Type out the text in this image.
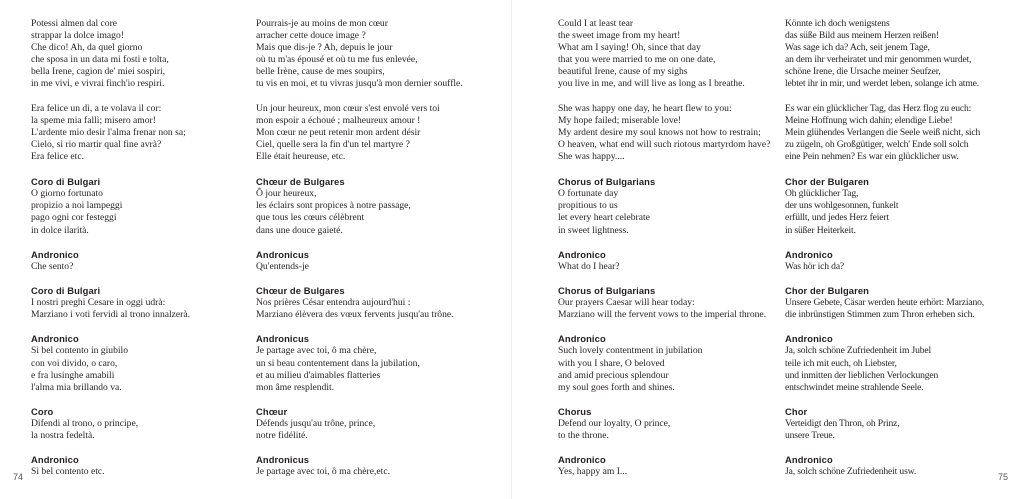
Potessi almen dal core
strappar la dolce imago!
Che dico! Ah, da quel giorno
che sposa in un data mi fosti e tolta,
bella Irene, cagion de' miei sospiri,
in me vivi, e vivrai finch'io respiri.
Era felice un dì, a te volava il cor:
la speme mia fallì; misero amor!
L'ardente mio desir l'alma frenar non sa;
Cielo, sì rio martir qual fine avrà?
Era felice etc.
Coro di Bulgari
O giorno fortunato
propizio a noi lampeggi
pago ogni cor festeggi
in dolce ilarità.
Andronico
Che sento?
Coro di Bulgari
I nostri preghi Cesare in oggi udrà:
Marziano i voti fervidi al trono innalzerà.
Andronico
Sì bel contento in giubilo
con voi divido, o caro,
e fra lusinghe amabili
l'alma mia brillando va.
Coro
Difendi al trono, o principe,
la nostra fedeltà.
Andronico
Sì bel contento etc.
Pourrais-je au moins de mon cœur
arracher cette douce image ?
Mais que dis-je ? Ah, depuis le jour
où tu m'as épousé et où tu me fus enlevée,
belle Irène, cause de mes soupirs,
tu vis en moi, et tu vivras jusqu'à mon dernier souffle.
Un jour heureux, mon cœur s'est envolé vers toi
mon espoir a échoué ; malheureux amour !
Mon cœur ne peut retenir mon ardent désir
Ciel, quelle sera la fin d'un tel martyre ?
Elle était heureuse, etc.
Chœur de Bulgares
Ô jour heureux,
les éclairs sont propices à notre passage,
que tous les cœurs célèbrent
dans une douce gaieté.
Andronicus
Qu'entends-je
Chœur de Bulgares
Nos prières César entendra aujourd'hui :
Marziano élèvera des vœux fervents jusqu'au trône.
Andronicus
Je partage avec toi, ô ma chère,
un si beau contentement dans la jubilation,
et au milieu d'aimables flatteries
mon âme resplendit.
Chœur
Défends jusqu'au trône, prince,
notre fidélité.
Andronicus
Je partage avec toi, ô ma chère,etc.
Could I at least tear
the sweet image from my heart!
What am I saying! Oh, since that day
that you were married to me on one date,
beautiful Irene, cause of my sighs
you live in me, and will live as long as I breathe.
She was happy one day, he heart flew to you:
My hope failed; miserable love!
My ardent desire my soul knows not how to restrain;
O heaven, what end will such riotous martyrdom have?
She was happy....
Chorus of Bulgarians
O fortunate day
propitious to us
let every heart celebrate
in sweet lightness.
Andronico
What do I hear?
Chorus of Bulgarians
Our prayers Caesar will hear today:
Marziano will the fervent vows to the imperial throne.
Andronico
Such lovely contentment in jubilation
with you I share, O beloved
and amid precious splendour
my soul goes forth and shines.
Chorus
Defend our loyalty, O prince,
to the throne.
Andronico
Yes, happy am I...
Könnte ich doch wenigstens
das süße Bild aus meinem Herzen reißen!
Was sage ich da? Ach, seit jenem Tage,
an dem ihr verheiratet und mir genommen wurdet,
schöne Irene, die Ursache meiner Seufzer,
lebtet ihr in mir, und werdet leben, solange ich atme.
Es war ein glücklicher Tag, das Herz flog zu euch:
Meine Hoffnung wich dahin; elendige Liebe!
Mein glühendes Verlangen die Seele weiß nicht, sich
zu zügeln, oh Großgütiger, welch' Ende soll solch
eine Pein nehmen? Es war ein glücklicher usw.
Chor der Bulgaren
Oh glücklicher Tag,
der uns wohlgesonnen, funkelt
erfüllt, und jedes Herz feiert
in süßer Heiterkeit.
Andronico
Was hör ich da?
Chor der Bulgaren
Unsere Gebete, Cäsar werden heute erhört: Marziano,
die inbrünstigen Stimmen zum Thron erheben sich.
Andronico
Ja, solch schöne Zufriedenheit im Jubel
teile ich mit euch, oh Liebster,
und inmitten der lieblichen Verlockungen
entschwindet meine strahlende Seele.
Chor
Verteidigt den Thron, oh Prinz,
unsere Treue.
Andronico
Ja, solch schöne Zufriedenheit usw.
74	75
